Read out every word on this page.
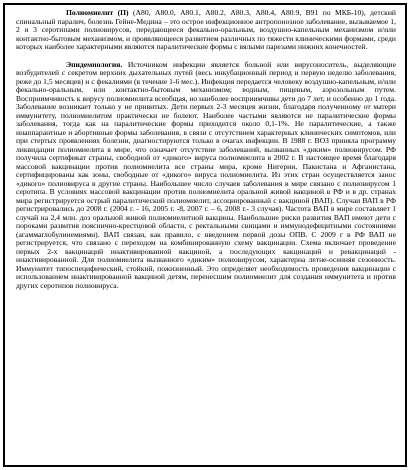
Полиомиелит (П) (А80, А80.0, А80.1, А80.2, А80.3, А80.4, А80.9, В91 по МКБ-10), детский спинальный паралич, болезнь Гейне-Медина – это острое инфекционное антропонозное заболевание, вызываемое 1, 2 и 3 серотипами полиовирусов, передающееся фекально-оральным, воздушно-капельным механизмом и/или контактно-бытовым механизмом, и проявляющееся развитием различных по тяжести клиническими формами, среди которых наиболее характерными являются паралитические формы с вялыми парезами нижних конечностей.

Эпидемиология. Источником инфекции является больной или вирусоноситель, выделяющие возбудителей с секретом верхних дыхательных путей (весь инкубационный период и первую неделю заболевания, реже до 1,5 месяцев) и с фекалиями (в течение 1-6 мес.). Инфекция передается человеку воздушно-капельным, и/или фекально-оральным, или контактно-бытовым механизмом; водным, пищевым, aэрозольным путем. Восприимчивость к вирусу полиомиелита всеобщая, но наиболее восприимчивы дети до 7 лет, и особенно до 1 года. Заболевание возникает только у не привитых. Дети первых 2-3 месяцев жизни, благодаря полученному от матери иммунитету, полиомиелитом практически не болеют. Наиболее частыми являются не паралитические формы заболевания, тогда как на паралитические формы приходится около 0,1-1%. Не паралитические, а также инаппарантные и абортивные формы заболевания, в связи с отсутствием характерных клинических симптомов, или при стертых проявлениях болезни, диагностируются только в очагах инфекции. В 1988 г. ВОЗ приняла программу ликвидации полиомиелита в мире, что означает отсутствие заболеваний, вызванных «диким» полиовирусом. РФ получила сертификат страны, свободной от «дикого» вируса полиомиелита в 2002 г. В настоящее время благодаря массовой вакцинации против полиомиелита все страны мира, кроме Нигерии, Пакистана и Афганистана, сертифицированы как зоны, свободные от «дикого» вируса полиомиелита. Из этих стран осуществляется занос «дикого» полиовируса в другие страны. Наибольшее число случаев заболевания в мире связано с полиовирусом 1 серотипа. В условиях массовой вакцинации против полиомиелита оральной живой вакциной в РФ и в др. странах мира регистрируется острый паралитический полиомиелит, ассоциированный с вакциной (ВАП). Случаи ВАП в РФ регистрировались до 2008 г. (2004 г. - 16, 2005 г. -8, 2007 г. – 6, 2008 г.- 3 случая). Частота ВАП в мире составляет 1 случай на 2,4 млн. доз оральной живой полиомиелитной вакцины. Наибольшие риски развития ВАП имеют дети с пороками развития пояснично-крестцовой области, с ректальными свищами и иммунодефицитными состояниями (агаммаглобулинемиями). ВАП связан, как правило, с введением первой дозы ОПВ. С 2009 г в РФ ВАП не регистрируется, что связано с переходом на комбинированную схему вакцинации. Схема включает проведение первых 2-х вакцинаций инактивированной вакциной, а последующих вакцинаций и ревакцинаций - инактивированной. Для полиомиелита вызванного «диким» полиовирусом, характерна летне-осенняя сезонность. Иммунитет типоспецифический, стойкий, пожизненный. Это определяет необходимость проведения вакцинации с использованием инактивированной вакциной детям, перенесшим полиомиелит для создания иммунитета и против других серотипов полиовируса.
